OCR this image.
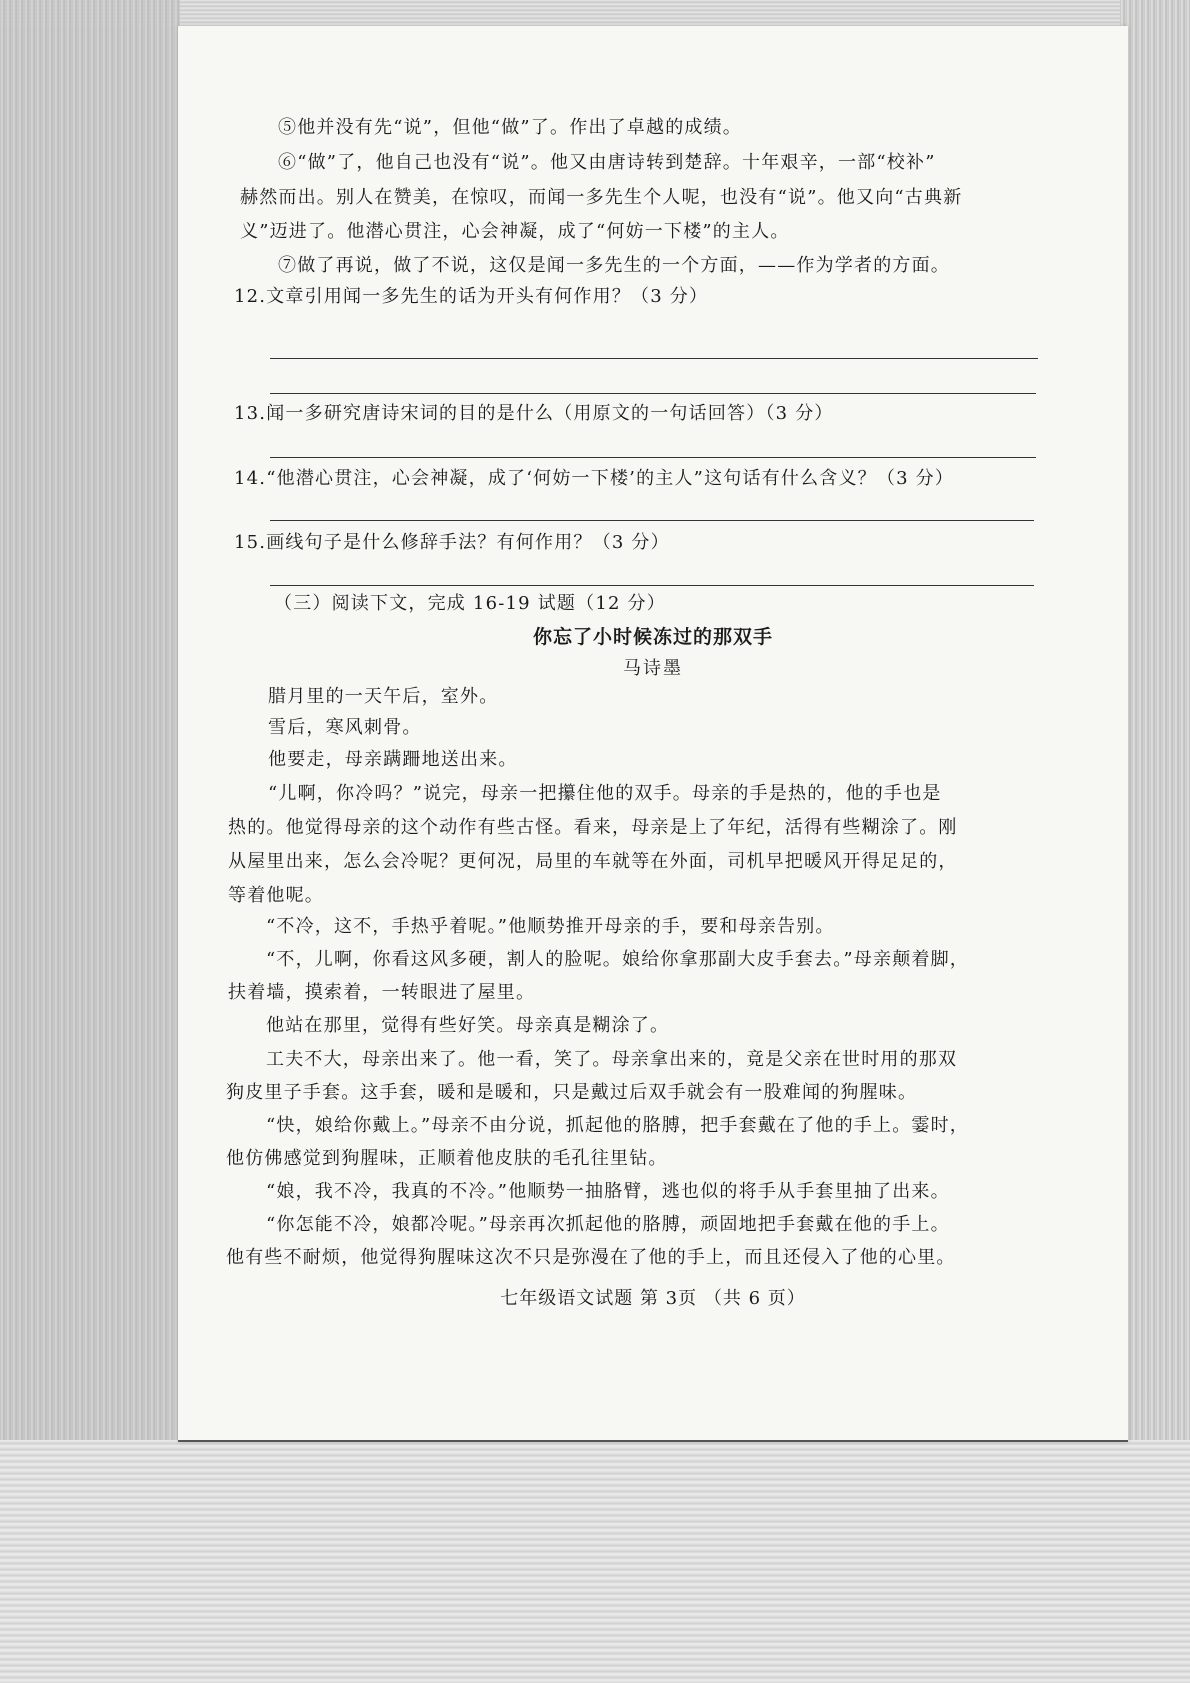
⑤他并没有先“说”，但他“做”了。作出了卓越的成绩。
⑥“做”了，他自己也没有“说”。他又由唐诗转到楚辞。十年艰辛，一部“校补”
赫然而出。别人在赞美，在惊叹，而闻一多先生个人呢，也没有“说”。他又向“古典新
义”迈进了。他潜心贯注，心会神凝，成了“何妨一下楼”的主人。
⑦做了再说，做了不说，这仅是闻一多先生的一个方面，——作为学者的方面。
12.文章引用闻一多先生的话为开头有何作用？（3 分）
13.闻一多研究唐诗宋词的目的是什么（用原文的一句话回答）（3 分）
14.“他潜心贯注，心会神凝，成了‘何妨一下楼’的主人”这句话有什么含义？（3 分）
15.画线句子是什么修辞手法？有何作用？（3 分）
（三）阅读下文，完成 16-19 试题（12 分）
你忘了小时候冻过的那双手
马诗墨
腊月里的一天午后，室外。
雪后，寒风刺骨。
他要走，母亲蹒跚地送出来。
“儿啊，你冷吗？”说完，母亲一把攥住他的双手。母亲的手是热的，他的手也是
热的。他觉得母亲的这个动作有些古怪。看来，母亲是上了年纪，活得有些糊涂了。刚
从屋里出来，怎么会冷呢？更何况，局里的车就等在外面，司机早把暖风开得足足的，
等着他呢。
“不冷，这不，手热乎着呢。”他顺势推开母亲的手，要和母亲告别。
“不，儿啊，你看这风多硬，割人的脸呢。娘给你拿那副大皮手套去。”母亲颠着脚，
扶着墙，摸索着，一转眼进了屋里。
他站在那里，觉得有些好笑。母亲真是糊涂了。
工夫不大，母亲出来了。他一看，笑了。母亲拿出来的，竟是父亲在世时用的那双
狗皮里子手套。这手套，暖和是暖和，只是戴过后双手就会有一股难闻的狗腥味。
“快，娘给你戴上。”母亲不由分说，抓起他的胳膊，把手套戴在了他的手上。霎时，
他仿佛感觉到狗腥味，正顺着他皮肤的毛孔往里钻。
“娘，我不冷，我真的不冷。”他顺势一抽胳臂，逃也似的将手从手套里抽了出来。
“你怎能不冷，娘都冷呢。”母亲再次抓起他的胳膊，顽固地把手套戴在他的手上。
他有些不耐烦，他觉得狗腥味这次不只是弥漫在了他的手上，而且还侵入了他的心里。
七年级语文试题 第 3页 （共 6 页）
